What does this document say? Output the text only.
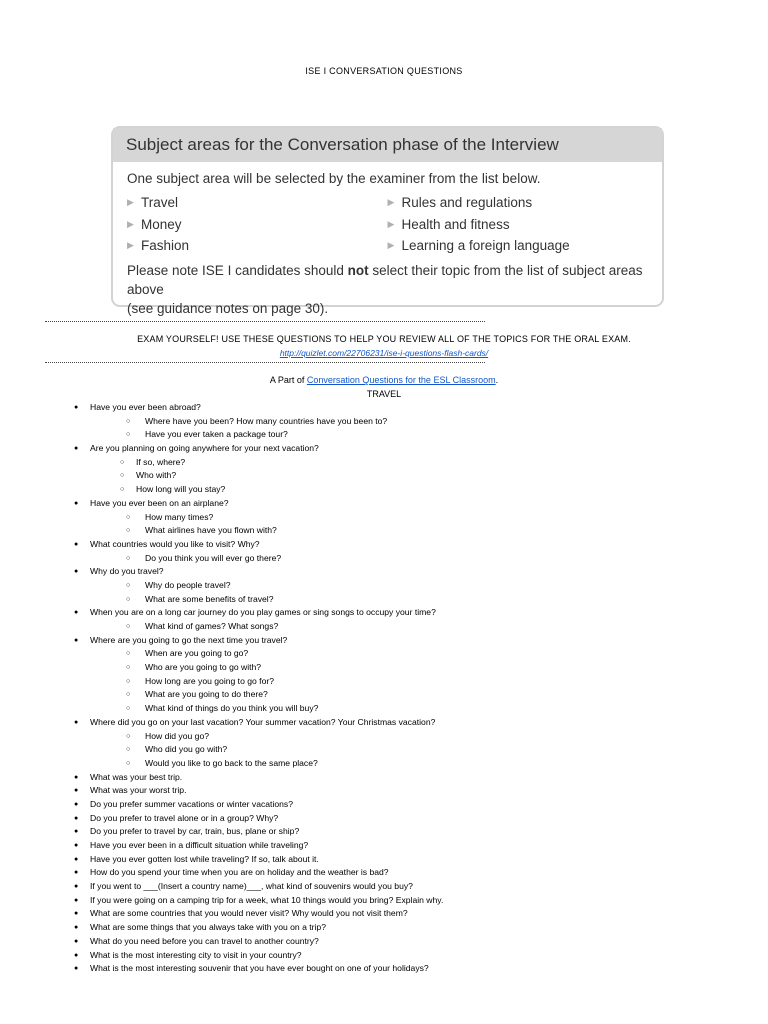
ISE I CONVERSATION QUESTIONS
Subject areas for the Conversation phase of the Interview
One subject area will be selected by the examiner from the list below.
▶ Travel
▶ Money
▶ Fashion
▶ Rules and regulations
▶ Health and fitness
▶ Learning a foreign language
Please note ISE I candidates should not select their topic from the list of subject areas above
(see guidance notes on page 30).
EXAM YOURSELF! USE THESE QUESTIONS TO HELP YOU REVIEW ALL OF THE TOPICS FOR THE ORAL EXAM.
http://quizlet.com/22706231/ise-i-questions-flash-cards/
A Part of Conversation Questions for the ESL Classroom.
TRAVEL
● Have you ever been abroad?
○ Where have you been? How many countries have you been to?
○ Have you ever taken a package tour?
● Are you planning on going anywhere for your next vacation?
○ If so, where?
○ Who with?
○ How long will you stay?
● Have you ever been on an airplane?
○ How many times?
○ What airlines have you flown with?
● What countries would you like to visit? Why?
○ Do you think you will ever go there?
● Why do you travel?
○ Why do people travel?
○ What are some benefits of travel?
● When you are on a long car journey do you play games or sing songs to occupy your time?
○ What kind of games? What songs?
● Where are you going to go the next time you travel?
○ When are you going to go?
○ Who are you going to go with?
○ How long are you going to go for?
○ What are you going to do there?
○ What kind of things do you think you will buy?
● Where did you go on your last vacation? Your summer vacation? Your Christmas vacation?
○ How did you go?
○ Who did you go with?
○ Would you like to go back to the same place?
● What was your best trip.
● What was your worst trip.
● Do you prefer summer vacations or winter vacations?
● Do you prefer to travel alone or in a group? Why?
● Do you prefer to travel by car, train, bus, plane or ship?
● Have you ever been in a difficult situation while traveling?
● Have you ever gotten lost while traveling? If so, talk about it.
● How do you spend your time when you are on holiday and the weather is bad?
● If you went to ___(Insert a country name)___, what kind of souvenirs would you buy?
● If you were going on a camping trip for a week, what 10 things would you bring? Explain why.
● What are some countries that you would never visit? Why would you not visit them?
● What are some things that you always take with you on a trip?
● What do you need before you can travel to another country?
● What is the most interesting city to visit in your country?
● What is the most interesting souvenir that you have ever bought on one of your holidays?
